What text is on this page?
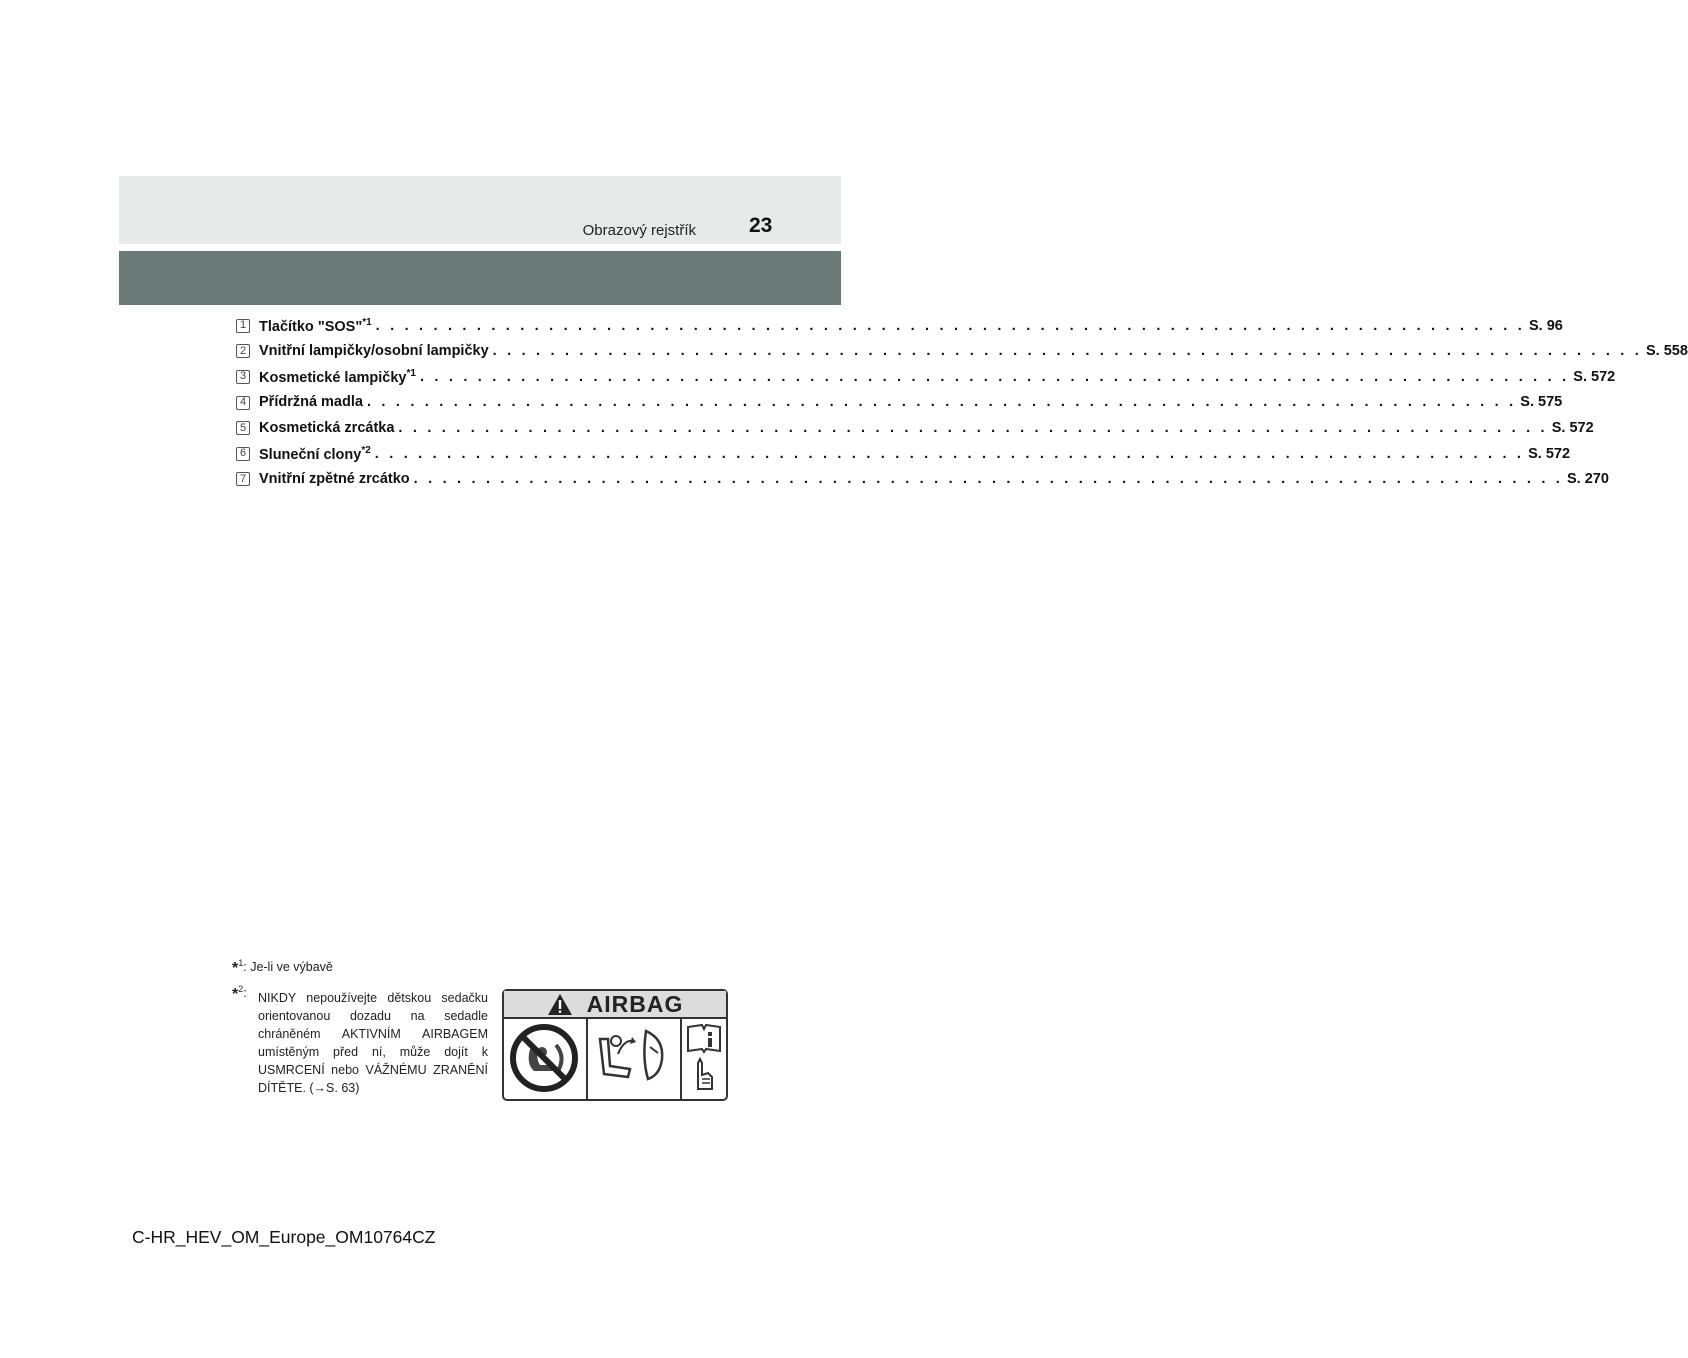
Obrazový rejstřík	23
1 Tlačítko "SOS"$^{*1}$ . . . . . . . . . . . . . . . . . . . . . . . . . . . . . . . . . . . . . . . . . . . . . . . . . . . . . . . . . . . . . . . . . . . . . . . . . . . . . . . . S. 96
2 Vnitřní lampičky/osobní lampičky . . . . . . . . . . . . . . . . . . . . . . . . . . . . . . . . . . . . . . . . . . . . . . . . . . . . . . . . . . . . . . . . . . . . . . . . . . . . . . . . S. 558
3 Kosmetické lampičky$^{*1}$ . . . . . . . . . . . . . . . . . . . . . . . . . . . . . . . . . . . . . . . . . . . . . . . . . . . . . . . . . . . . . . . . . . . . . . . . . . . . . . . . S. 572
4 Přídržná madla . . . . . . . . . . . . . . . . . . . . . . . . . . . . . . . . . . . . . . . . . . . . . . . . . . . . . . . . . . . . . . . . . . . . . . . . . . . . . . . . S. 575
5 Kosmetická zrcátka . . . . . . . . . . . . . . . . . . . . . . . . . . . . . . . . . . . . . . . . . . . . . . . . . . . . . . . . . . . . . . . . . . . . . . . . . . . . . . . . S. 572
6 Sluneční clony$^{*2}$ . . . . . . . . . . . . . . . . . . . . . . . . . . . . . . . . . . . . . . . . . . . . . . . . . . . . . . . . . . . . . . . . . . . . . . . . . . . . . . . . S. 572
7 Vnitřní zpětné zrcátko . . . . . . . . . . . . . . . . . . . . . . . . . . . . . . . . . . . . . . . . . . . . . . . . . . . . . . . . . . . . . . . . . . . . . . . . . . . . . . . . S. 270
*$^1$: Je-li ve výbavě
*$^2$: NIKDY nepoužívejte dětskou sedačku orientovanou dozadu na sedadle chráněném AKTIVNÍM AIRBAGEM umístěným před ní, může dojít k USMRCENÍ nebo VÁŽNÉMU ZRANĚNÍ DÍTĚTE. (→S. 63)
AIRBAG
C-HR_HEV_OM_Europe_OM10764CZ
